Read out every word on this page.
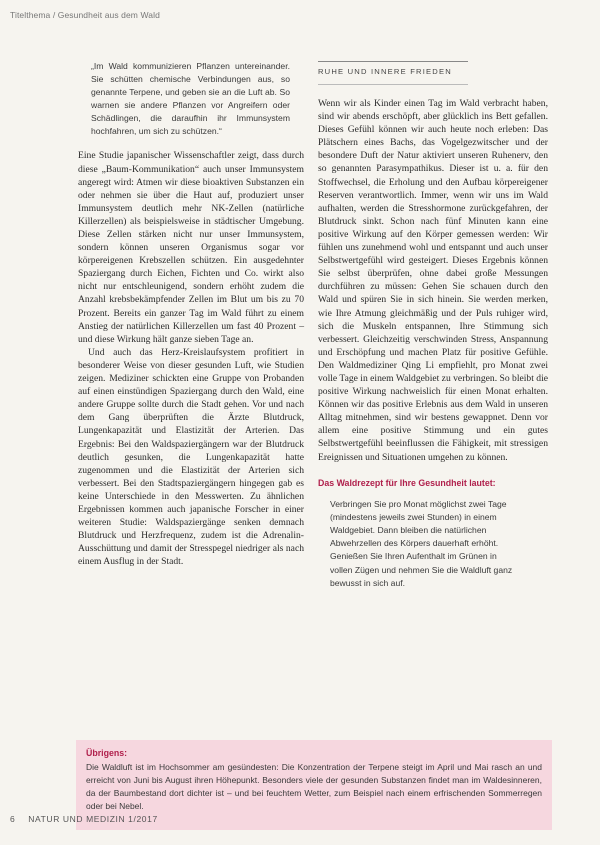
Titelthema / Gesundheit aus dem Wald

„Im Wald kommunizieren Pflanzen untereinander. Sie schütten chemische Verbindungen aus, so genannte Terpene, und geben sie an die Luft ab. So warnen sie andere Pflanzen vor Angreifern oder Schädlingen, die daraufhin ihr Immunsystem hochfahren, um sich zu schützen.“

Eine Studie japanischer Wissenschaftler zeigt, dass durch diese „Baum-Kommunikation“ auch unser Immunsystem angeregt wird: Atmen wir diese bioaktiven Substanzen ein oder nehmen sie über die Haut auf, produziert unser Immunsystem deutlich mehr NK-Zellen (natürliche Killerzellen) als beispielsweise in städtischer Umgebung. Diese Zellen stärken nicht nur unser Immunsystem, sondern können unseren Organismus sogar vor körpereigenen Krebszellen schützen. Ein ausgedehnter Spaziergang durch Eichen, Fichten und Co. wirkt also nicht nur entschleunigend, sondern erhöht zudem die Anzahl krebsbekämpfender Zellen im Blut um bis zu 70 Prozent. Bereits ein ganzer Tag im Wald führt zu einem Anstieg der natürlichen Killerzellen um fast 40 Prozent – und diese Wirkung hält ganze sieben Tage an.

Und auch das Herz-Kreislaufsystem profitiert in besonderer Weise von dieser gesunden Luft, wie Studien zeigen. Mediziner schickten eine Gruppe von Probanden auf einen einstündigen Spaziergang durch den Wald, eine andere Gruppe sollte durch die Stadt gehen. Vor und nach dem Gang überprüften die Ärzte Blutdruck, Lungenkapazität und Elastizität der Arterien. Das Ergebnis: Bei den Waldspaziergängern war der Blutdruck deutlich gesunken, die Lungenkapazität hatte zugenommen und die Elastizität der Arterien sich verbessert. Bei den Stadtspaziergängern hingegen gab es keine Unterschiede in den Messwerten. Zu ähnlichen Ergebnissen kommen auch japanische Forscher in einer weiteren Studie: Waldspaziergänge senken demnach Blutdruck und Herzfrequenz, zudem ist die Adrenalin-Ausschüttung und damit der Stresspegel niedriger als nach einem Ausflug in der Stadt.

RUHE UND INNERE FRIEDEN

Wenn wir als Kinder einen Tag im Wald verbracht haben, sind wir abends erschöpft, aber glücklich ins Bett gefallen. Dieses Gefühl können wir auch heute noch erleben: Das Plätschern eines Bachs, das Vogelgezwitscher und der besondere Duft der Natur aktiviert unseren Ruhenerv, den so genannten Parasympathikus. Dieser ist u. a. für den Stoffwechsel, die Erholung und den Aufbau körpereigener Reserven verantwortlich. Immer, wenn wir uns im Wald aufhalten, werden die Stresshormone zurückgefahren, der Blutdruck sinkt. Schon nach fünf Minuten kann eine positive Wirkung auf den Körper gemessen werden: Wir fühlen uns zunehmend wohl und entspannt und auch unser Selbstwertgefühl wird gesteigert. Dieses Ergebnis können Sie selbst überprüfen, ohne dabei große Messungen durchführen zu müssen: Gehen Sie schauen durch den Wald und spüren Sie in sich hinein. Sie werden merken, wie Ihre Atmung gleichmäßig und der Puls ruhiger wird, sich die Muskeln entspannen, Ihre Stimmung sich verbessert. Gleichzeitig verschwinden Stress, Anspannung und Erschöpfung und machen Platz für positive Gefühle. Den Waldmediziner Qing Li empfiehlt, pro Monat zwei volle Tage in einem Waldgebiet zu verbringen. So bleibt die positive Wirkung nachweislich für einen Monat erhalten. Können wir das positive Erlebnis aus dem Wald in unseren Alltag mitnehmen, sind wir bestens gewappnet. Denn vor allem eine positive Stimmung und ein gutes Selbstwertgefühl beeinflussen die Fähigkeit, mit stressigen Ereignissen und Situationen umgehen zu können.

Das Waldrezept für Ihre Gesundheit lautet:

Verbringen Sie pro Monat möglichst zwei Tage (mindestens jeweils zwei Stunden) in einem Waldgebiet. Dann bleiben die natürlichen Abwehrzellen des Körpers dauerhaft erhöht. Genießen Sie Ihren Aufenthalt im Grünen in vollen Zügen und nehmen Sie die Waldluft ganz bewusst in sich auf.

Übrigens:

Die Waldluft ist im Hochsommer am gesündesten: Die Konzentration der Terpene steigt im April und Mai rasch an und erreicht von Juni bis August ihren Höhepunkt. Besonders viele der gesunden Substanzen findet man im Waldesinneren, da der Baumbestand dort dichter ist – und bei feuchtem Wetter, zum Beispiel nach einem erfrischenden Sommerregen oder bei Nebel.

6 NATUR UND MEDIZIN 1/2017
